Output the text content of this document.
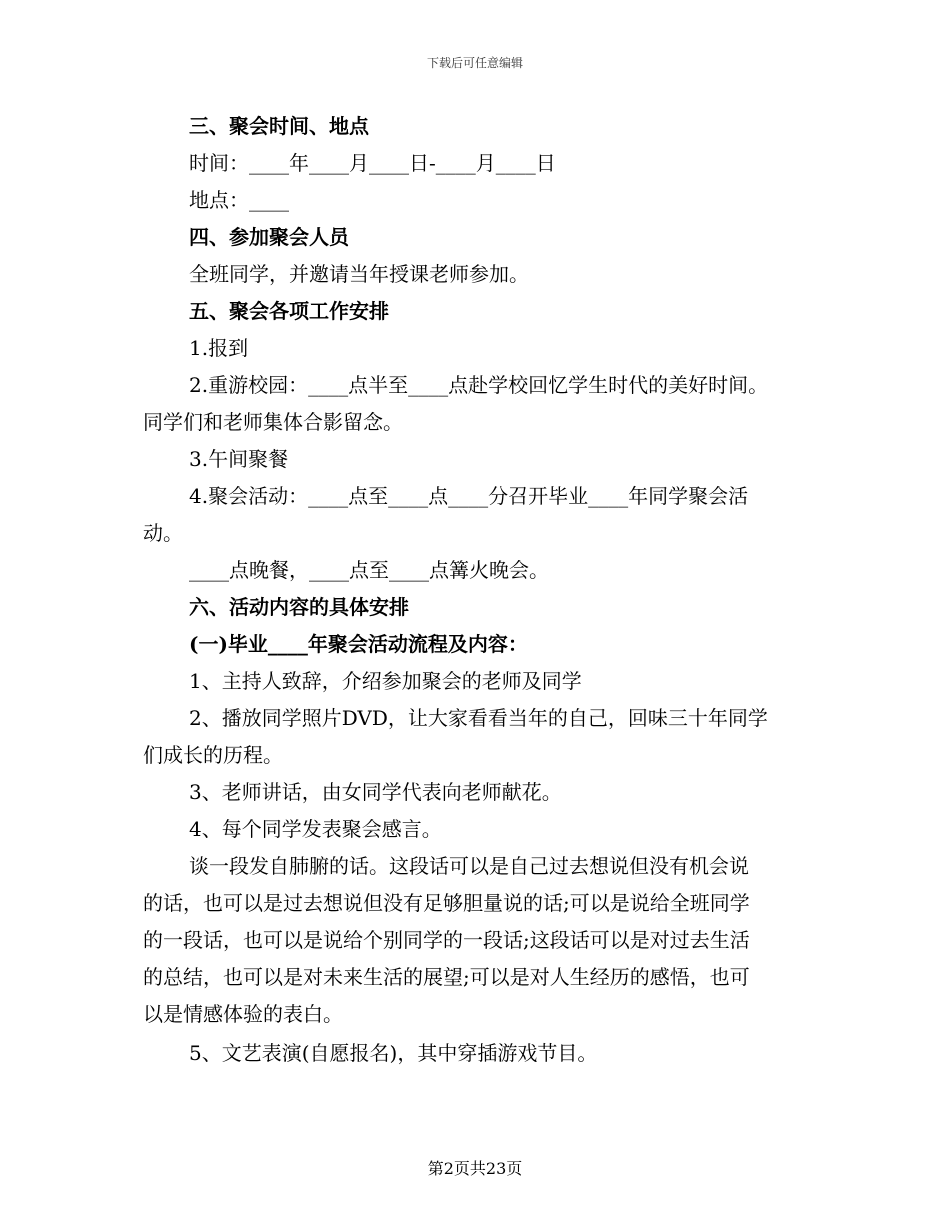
下载后可任意编辑
三、聚会时间、地点
时间：____年____月____日-____月____日
地点：____
四、参加聚会人员
全班同学，并邀请当年授课老师参加。
五、聚会各项工作安排
1.报到
2.重游校园：____点半至____点赴学校回忆学生时代的美好时间。
同学们和老师集体合影留念。
3.午间聚餐
4.聚会活动：____点至____点____分召开毕业____年同学聚会活
动。
____点晚餐，____点至____点篝火晚会。
六、活动内容的具体安排
(一)毕业____年聚会活动流程及内容：
1、主持人致辞，介绍参加聚会的老师及同学
2、播放同学照片DVD，让大家看看当年的自己，回味三十年同学
们成长的历程。
3、老师讲话，由女同学代表向老师献花。
4、每个同学发表聚会感言。
谈一段发自肺腑的话。这段话可以是自己过去想说但没有机会说
的话，也可以是过去想说但没有足够胆量说的话;可以是说给全班同学
的一段话，也可以是说给个别同学的一段话;这段话可以是对过去生活
的总结，也可以是对未来生活的展望;可以是对人生经历的感悟，也可
以是情感体验的表白。
5、文艺表演(自愿报名)，其中穿插游戏节目。
第2页共23页
